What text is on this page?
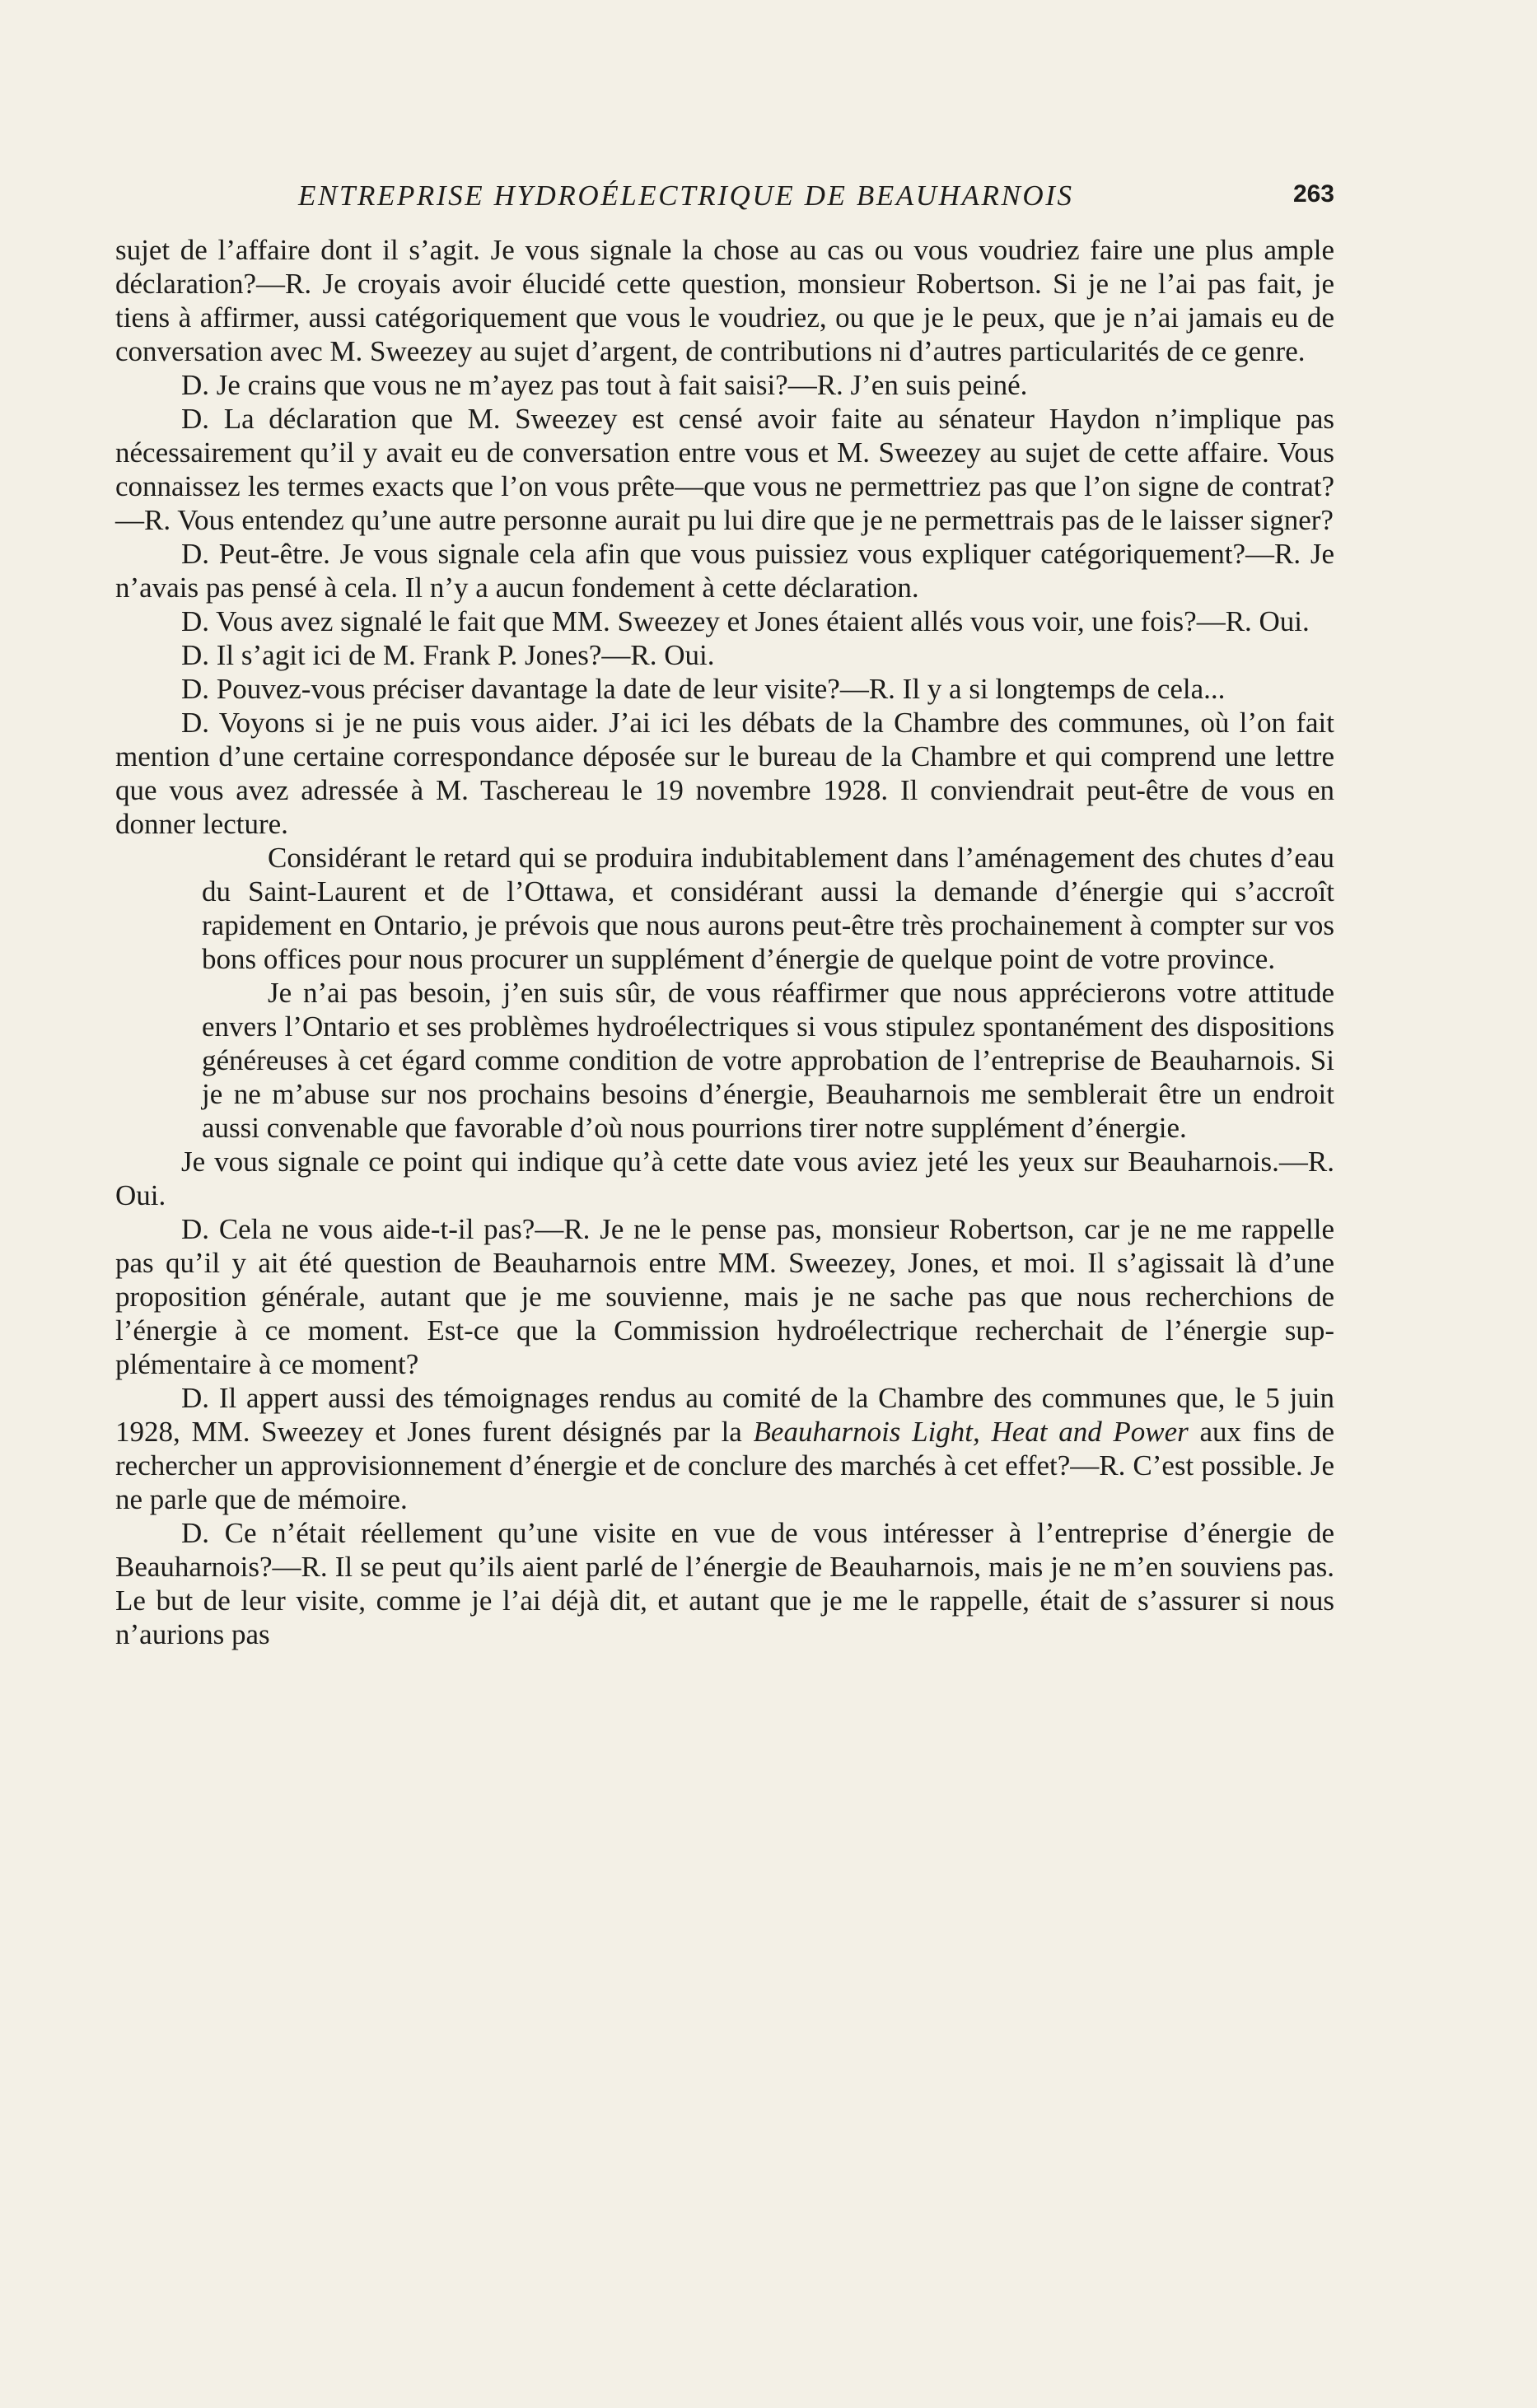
ENTREPRISE HYDROÉLECTRIQUE DE BEAUHARNOIS	263

sujet de l’affaire dont il s’agit. Je vous signale la chose au cas ou vous voudriez faire une plus ample déclaration?—R. Je croyais avoir élucidé cette question, monsieur Robertson. Si je ne l’ai pas fait, je tiens à affirmer, aussi catégoriquement que vous le voudriez, ou que je le peux, que je n’ai jamais eu de conversation avec M. Sweezey au sujet d’argent, de contributions ni d’autres particularités de ce genre.

D. Je crains que vous ne m’ayez pas tout à fait saisi?—R. J’en suis peiné.

D. La déclaration que M. Sweezey est censé avoir faite au sénateur Haydon n’implique pas nécessairement qu’il y avait eu de conversation entre vous et M. Sweezey au sujet de cette affaire. Vous connaissez les termes exacts que l’on vous prête—que vous ne permettriez pas que l’on signe de contrat?—R. Vous entendez qu’une autre personne aurait pu lui dire que je ne permettrais pas de le laisser signer?

D. Peut-être. Je vous signale cela afin que vous puissiez vous expliquer catégoriquement?—R. Je n’avais pas pensé à cela. Il n’y a aucun fondement à cette déclaration.

D. Vous avez signalé le fait que MM. Sweezey et Jones étaient allés vous voir, une fois?—R. Oui.

D. Il s’agit ici de M. Frank P. Jones?—R. Oui.

D. Pouvez-vous préciser davantage la date de leur visite?—R. Il y a si longtemps de cela...

D. Voyons si je ne puis vous aider. J’ai ici les débats de la Chambre des communes, où l’on fait mention d’une certaine correspondance déposée sur le bureau de la Chambre et qui comprend une lettre que vous avez adressée à M. Taschereau le 19 novembre 1928. Il conviendrait peut-être de vous en donner lecture.

Considérant le retard qui se produira indubitablement dans l’aménagement des chutes d’eau du Saint-Laurent et de l’Ottawa, et considérant aussi la demande d’énergie qui s’accroît rapidement en Ontario, je prévois que nous aurons peut-être très prochainement à compter sur vos bons offices pour nous procurer un supplément d’énergie de quelque point de votre province.

Je n’ai pas besoin, j’en suis sûr, de vous réaffirmer que nous apprécierons votre attitude envers l’Ontario et ses problèmes hydroélectriques si vous stipulez spontanément des dispositions généreuses à cet égard comme condition de votre approbation de l’entreprise de Beauharnois. Si je ne m’abuse sur nos prochains besoins d’énergie, Beauharnois me semblerait être un endroit aussi convenable que favorable d’où nous pourrions tirer notre supplément d’énergie.

Je vous signale ce point qui indique qu’à cette date vous aviez jeté les yeux sur Beauharnois.—R. Oui.

D. Cela ne vous aide-t-il pas?—R. Je ne le pense pas, monsieur Robertson, car je ne me rappelle pas qu’il y ait été question de Beauharnois entre MM. Sweezey, Jones, et moi. Il s’agissait là d’une proposition générale, autant que je me souvienne, mais je ne sache pas que nous recherchions de l’énergie à ce moment. Est-ce que la Commission hydroélectrique recherchait de l’énergie supplémentaire à ce moment?

D. Il appert aussi des témoignages rendus au comité de la Chambre des communes que, le 5 juin 1928, MM. Sweezey et Jones furent désignés par la Beauharnois Light, Heat and Power aux fins de rechercher un approvisionnement d’énergie et de conclure des marchés à cet effet?—R. C’est possible. Je ne parle que de mémoire.

D. Ce n’était réellement qu’une visite en vue de vous intéresser à l’entreprise d’énergie de Beauharnois?—R. Il se peut qu’ils aient parlé de l’énergie de Beauharnois, mais je ne m’en souviens pas. Le but de leur visite, comme je l’ai déjà dit, et autant que je me le rappelle, était de s’assurer si nous n’aurions pas
